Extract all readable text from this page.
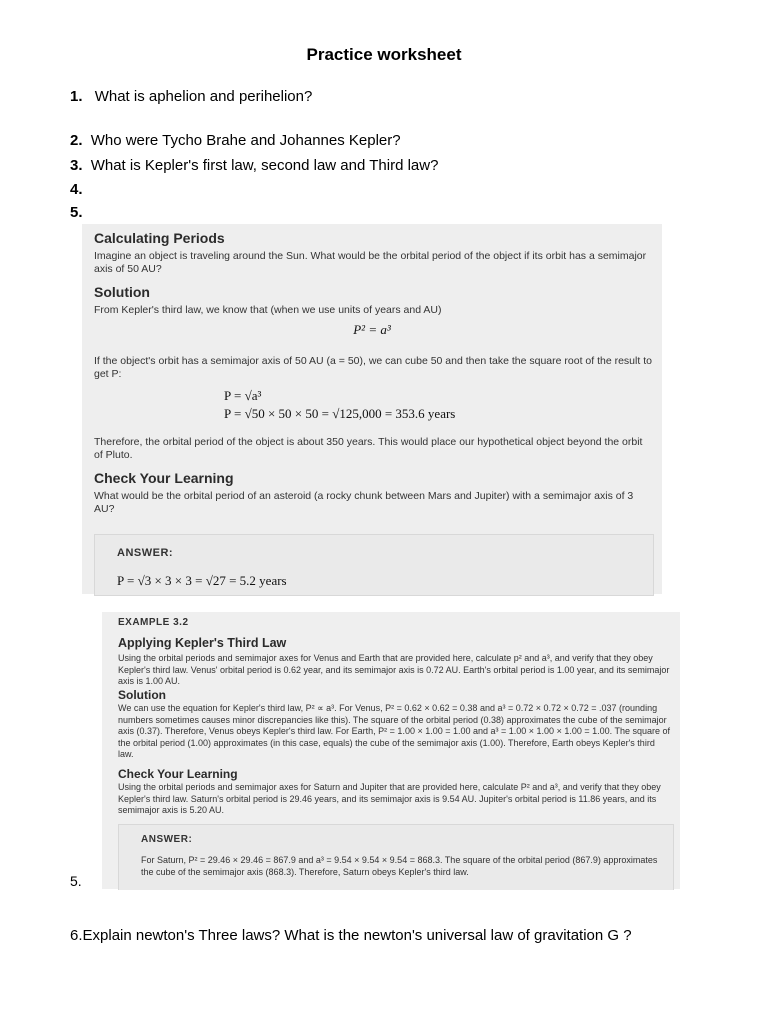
Practice worksheet
1. What is aphelion and perihelion?
2. Who were Tycho Brahe and Johannes Kepler?
3. What is Kepler's first law, second law and Third law?
4.
5.
Calculating Periods
Imagine an object is traveling around the Sun. What would be the orbital period of the object if its orbit has a semimajor axis of 50 AU?
Solution
From Kepler's third law, we know that (when we use units of years and AU)
P² = a³
If the object's orbit has a semimajor axis of 50 AU (a = 50), we can cube 50 and then take the square root of the result to get P:
P = √a³
P = √50 × 50 × 50 = √125,000 = 353.6 years
Therefore, the orbital period of the object is about 350 years. This would place our hypothetical object beyond the orbit of Pluto.
Check Your Learning
What would be the orbital period of an asteroid (a rocky chunk between Mars and Jupiter) with a semimajor axis of 3 AU?
ANSWER:
P = √3 × 3 × 3 = √27 = 5.2 years
EXAMPLE 3.2
Applying Kepler's Third Law
Using the orbital periods and semimajor axes for Venus and Earth that are provided here, calculate p² and a³, and verify that they obey Kepler's third law. Venus' orbital period is 0.62 year, and its semimajor axis is 0.72 AU. Earth's orbital period is 1.00 year, and its semimajor axis is 1.00 AU.
Solution
We can use the equation for Kepler's third law, P² ∝ a³. For Venus, P² = 0.62 × 0.62 = 0.38 and a³ = 0.72 × 0.72 × 0.72 = .037 (rounding numbers sometimes causes minor discrepancies like this). The square of the orbital period (0.38) approximates the cube of the semimajor axis (0.37). Therefore, Venus obeys Kepler's third law. For Earth, P² = 1.00 × 1.00 = 1.00 and a³ = 1.00 × 1.00 × 1.00 = 1.00. The square of the orbital period (1.00) approximates (in this case, equals) the cube of the semimajor axis (1.00). Therefore, Earth obeys Kepler's third law.
Check Your Learning
Using the orbital periods and semimajor axes for Saturn and Jupiter that are provided here, calculate P² and a³, and verify that they obey Kepler's third law. Saturn's orbital period is 29.46 years, and its semimajor axis is 9.54 AU. Jupiter's orbital period is 11.86 years, and its semimajor axis is 5.20 AU.
ANSWER:
For Saturn, P² = 29.46 × 29.46 = 867.9 and a³ = 9.54 × 9.54 × 9.54 = 868.3. The square of the orbital period (867.9) approximates the cube of the semimajor axis (868.3). Therefore, Saturn obeys Kepler's third law.
5.
6.Explain newton's Three laws? What is the newton's universal law of gravitation G ?
